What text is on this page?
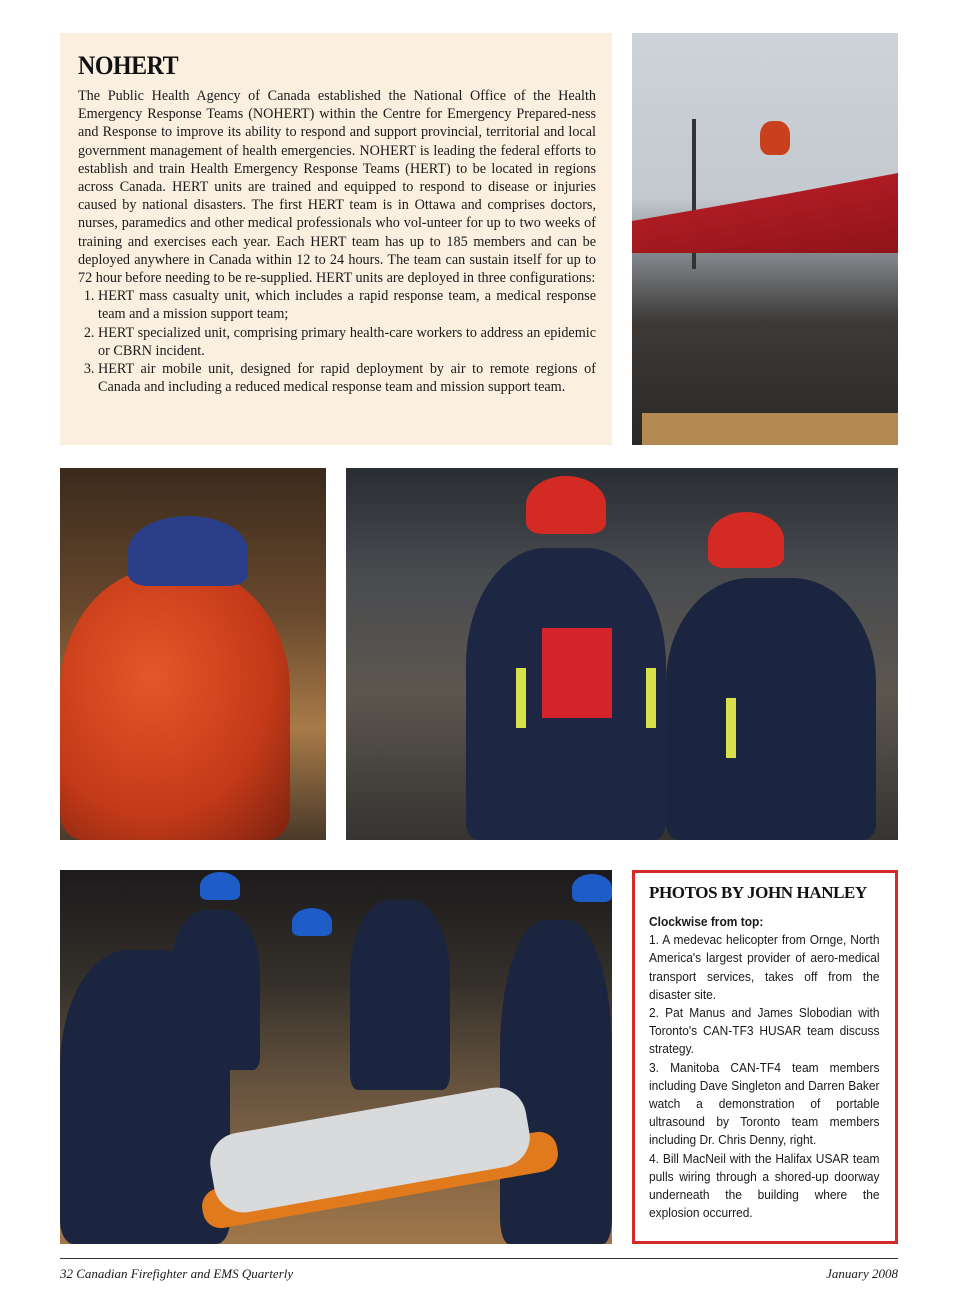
NOHERT

The Public Health Agency of Canada established the National Office of the Health Emergency Response Teams (NOHERT) within the Centre for Emergency Prepared-ness and Response to improve its ability to respond and support provincial, territorial and local government management of health emergencies. NOHERT is leading the federal efforts to establish and train Health Emergency Response Teams (HERT) to be located in regions across Canada. HERT units are trained and equipped to respond to disease or injuries caused by national disasters. The first HERT team is in Ottawa and comprises doctors, nurses, paramedics and other medical professionals who vol-unteer for up to two weeks of training and exercises each year. Each HERT team has up to 185 members and can be deployed anywhere in Canada within 12 to 24 hours. The team can sustain itself for up to 72 hour before needing to be re-supplied. HERT units are deployed in three configurations:

1. HERT mass casualty unit, which includes a rapid response team, a medical response team and a mission support team;
2. HERT specialized unit, comprising primary health-care workers to address an epidemic or CBRN incident.
3. HERT air mobile unit, designed for rapid deployment by air to remote regions of Canada and including a reduced medical response team and mission support team.
PHOTOS BY JOHN HANLEY

Clockwise from top:

1. A medevac helicopter from Ornge, North America's largest provider of aero-medical transport services, takes off from the disaster site.

2. Pat Manus and James Slobodian with Toronto's CAN-TF3 HUSAR team discuss strategy.

3. Manitoba CAN-TF4 team members including Dave Singleton and Darren Baker watch a demonstration of portable ultrasound by Toronto team members including Dr. Chris Denny, right.

4. Bill MacNeil with the Halifax USAR team pulls wiring through a shored-up doorway underneath the building where the explosion occurred.

32 Canadian Firefighter and EMS Quarterly	January 2008
